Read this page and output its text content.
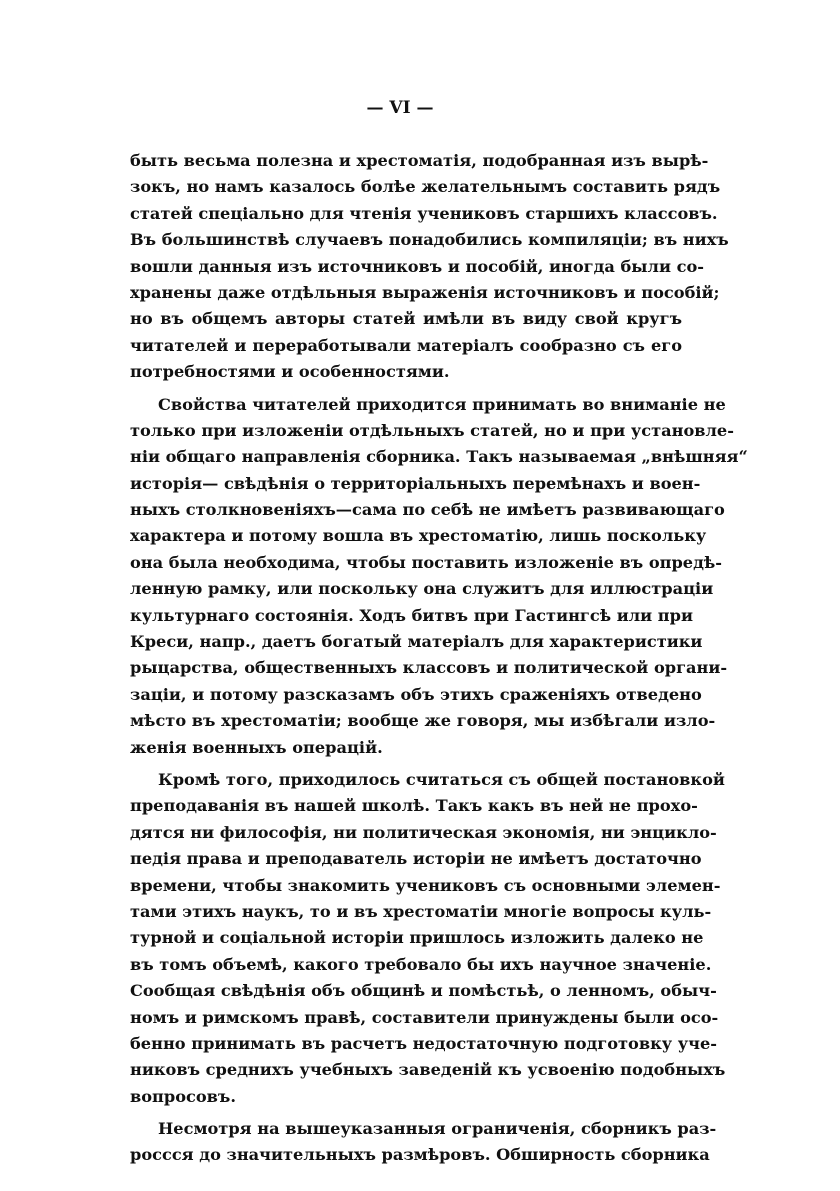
— VI —
быть весьма полезна и хрестоматія, подобранная изъ вырѣ-
зокъ, но намъ казалось болѣе желательнымъ составить рядъ
статей спеціально для чтенія учениковъ старшихъ классовъ.
Въ большинствѣ случаевъ понадобились компиляціи; въ нихъ
вошли данныя изъ источниковъ и пособій, иногда были со-
хранены даже отдѣльныя выраженія источниковъ и пособій;
но въ общемъ авторы статей имѣли въ виду свой кругъ
читателей и переработывали матеріалъ сообразно съ его
потребностями и особенностями.
Свойства читателей приходится принимать во вниманіе не
только при изложеніи отдѣльныхъ статей, но и при установле-
ніи общаго направленія сборника. Такъ называемая „внѣшняя“
исторія— свѣдѣнія о территоріальныхъ перемѣнахъ и воен-
ныхъ столкновеніяхъ—сама по себѣ не имѣетъ развивающаго
характера и потому вошла въ хрестоматію, лишь поскольку
она была необходима, чтобы поставить изложеніе въ опредѣ-
ленную рамку, или поскольку она служитъ для иллюстраціи
культурнаго состоянія. Ходъ битвъ при Гастингсѣ или при
Креси, напр., даетъ богатый матеріалъ для характеристики
рыцарства, общественныхъ классовъ и политической органи-
заціи, и потому разсказамъ объ этихъ сраженіяхъ отведено
мѣсто въ хрестоматіи; вообще же говоря, мы избѣгали изло-
женія военныхъ операцій.
Кромѣ того, приходилось считаться съ общей постановкой
преподаванія въ нашей школѣ. Такъ какъ въ ней не прохо-
дятся ни философія, ни политическая экономія, ни энцикло-
педія права и преподаватель исторіи не имѣетъ достаточно
времени, чтобы знакомить учениковъ съ основными элемен-
тами этихъ наукъ, то и въ хрестоматіи многіе вопросы куль-
турной и соціальной исторіи пришлось изложить далеко не
въ томъ объемѣ, какого требовало бы ихъ научное значеніе.
Сообщая свѣдѣнія объ общинѣ и помѣстьѣ, о ленномъ, обыч-
номъ и римскомъ правѣ, составители принуждены были осо-
бенно принимать въ расчетъ недостаточную подготовку уче-
никовъ среднихъ учебныхъ заведеній къ усвоенію подобныхъ
вопросовъ.
Несмотря на вышеуказанныя ограниченія, сборникъ раз-
россся до значительныхъ размѣровъ. Обширность сборника
